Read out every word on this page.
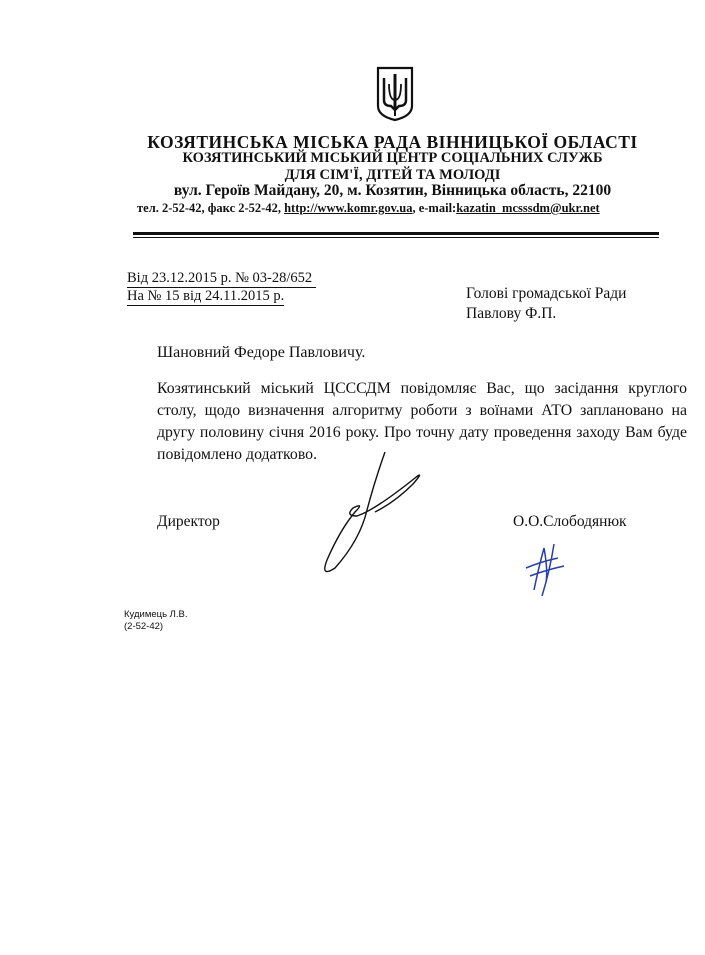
КОЗЯТИНСЬКА МІСЬКА РАДА ВІННИЦЬКОЇ ОБЛАСТІ
КОЗЯТИНСЬКИЙ МІСЬКИЙ ЦЕНТР СОЦІАЛЬНИХ СЛУЖБ
ДЛЯ СІМ'Ї, ДІТЕЙ ТА МОЛОДІ
вул. Героїв Майдану, 20, м. Козятин, Вінницька область, 22100
тел. 2-52-42, факс 2-52-42, http://www.komr.gov.ua, e-mail:kazatin_mcsssdm@ukr.net
Від 23.12.2015 р. № 03-28/652
На № 15 від 24.11.2015 р.	Голові громадської Ради
Павлову Ф.П.
Шановний Федоре Павловичу.

Козятинський міський ЦСССДМ повідомляє Вас, що засідання круглого столу, щодо визначення алгоритму роботи з воїнами АТО заплановано на другу половину січня 2016 року. Про точну дату проведення заходу Вам буде повідомлено додатково.

Директор	О.О.Слободянюк
Кудимець Л.В.
(2-52-42)
